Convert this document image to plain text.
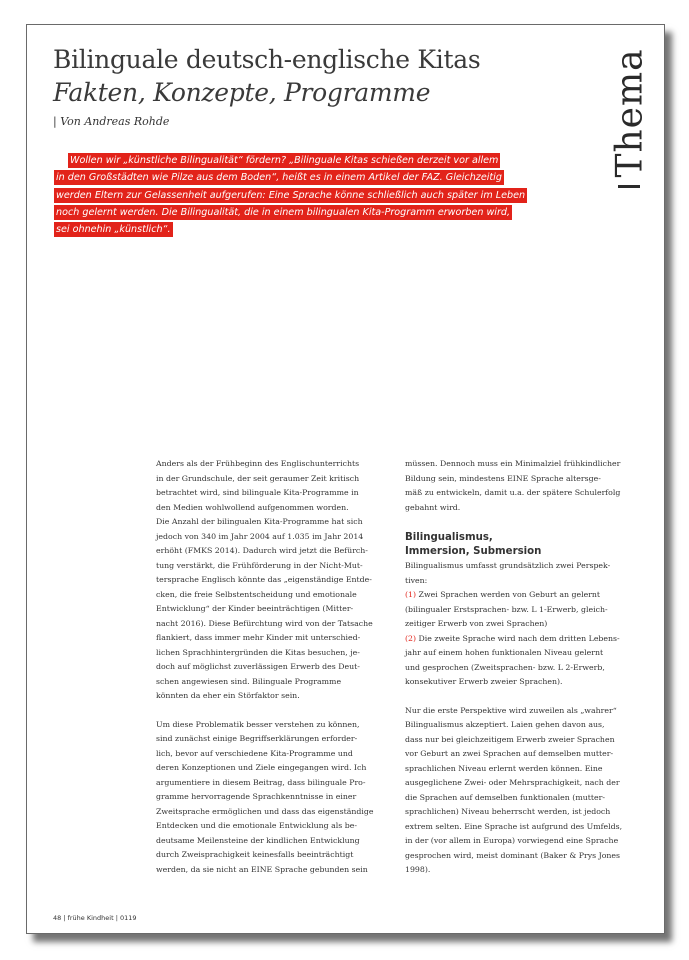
Bilinguale deutsch-englische Kitas
Fakten, Konzepte, Programme
| Von Andreas Rohde	Thema
Wollen wir „künstliche Bilingualität“ fördern? „Bilinguale Kitas schießen derzeit vor allem
in den Großstädten wie Pilze aus dem Boden“, heißt es in einem Artikel der FAZ. Gleichzeitig
werden Eltern zur Gelassenheit aufgerufen: Eine Sprache könne schließlich auch später im Leben
noch gelernt werden. Die Bilingualität, die in einem bilingualen Kita-Programm erworben wird,
sei ohnehin „künstlich“.
Anders als der Frühbeginn des Englischunterrichts
in der Grundschule, der seit geraumer Zeit kritisch
betrachtet wird, sind bilinguale Kita-Programme in
den Medien wohlwollend aufgenommen worden.
Die Anzahl der bilingualen Kita-Programme hat sich
jedoch von 340 im Jahr 2004 auf 1.035 im Jahr 2014
erhöht (FMKS 2014). Dadurch wird jetzt die Befürch-
tung verstärkt, die Frühförderung in der Nicht-Mut-
tersprache Englisch könnte das „eigenständige Entde-
cken, die freie Selbstentscheidung und emotionale
Entwicklung“ der Kinder beeinträchtigen (Mitter-
nacht 2016). Diese Befürchtung wird von der Tatsache
flankiert, dass immer mehr Kinder mit unterschied-
lichen Sprachhintergründen die Kitas besuchen, je-
doch auf möglichst zuverlässigen Erwerb des Deut-
schen angewiesen sind. Bilinguale Programme
könnten da eher ein Störfaktor sein.
Um diese Problematik besser verstehen zu können,
sind zunächst einige Begriffserklärungen erforder-
lich, bevor auf verschiedene Kita-Programme und
deren Konzeptionen und Ziele eingegangen wird. Ich
argumentiere in diesem Beitrag, dass bilinguale Pro-
gramme hervorragende Sprachkenntnisse in einer
Zweitsprache ermöglichen und dass das eigenständige
Entdecken und die emotionale Entwicklung als be-
deutsame Meilensteine der kindlichen Entwicklung
durch Zweisprachigkeit keinesfalls beeinträchtigt
werden, da sie nicht an EINE Sprache gebunden sein
müssen. Dennoch muss ein Minimalziel frühkindlicher
Bildung sein, mindestens EINE Sprache altersge-
mäß zu entwickeln, damit u.a. der spätere Schulerfolg
gebahnt wird.
Bilingualismus,
Immersion, Submersion
Bilingualismus umfasst grundsätzlich zwei Perspek-
tiven:
(1) Zwei Sprachen werden von Geburt an gelernt
(bilingualer Erstsprachen- bzw. L 1-Erwerb, gleich-
zeitiger Erwerb von zwei Sprachen)
(2) Die zweite Sprache wird nach dem dritten Lebens-
jahr auf einem hohen funktionalen Niveau gelernt
und gesprochen (Zweitsprachen- bzw. L 2-Erwerb,
konsekutiver Erwerb zweier Sprachen).
Nur die erste Perspektive wird zuweilen als „wahrer“
Bilingualismus akzeptiert. Laien gehen davon aus,
dass nur bei gleichzeitigem Erwerb zweier Sprachen
vor Geburt an zwei Sprachen auf demselben mutter-
sprachlichen Niveau erlernt werden können. Eine
ausgeglichene Zwei- oder Mehrsprachigkeit, nach der
die Sprachen auf demselben funktionalen (mutter-
sprachlichen) Niveau beherrscht werden, ist jedoch
extrem selten. Eine Sprache ist aufgrund des Umfelds,
in der (vor allem in Europa) vorwiegend eine Sprache
gesprochen wird, meist dominant (Baker & Prys Jones
1998).
48 | frühe Kindheit | 0119
